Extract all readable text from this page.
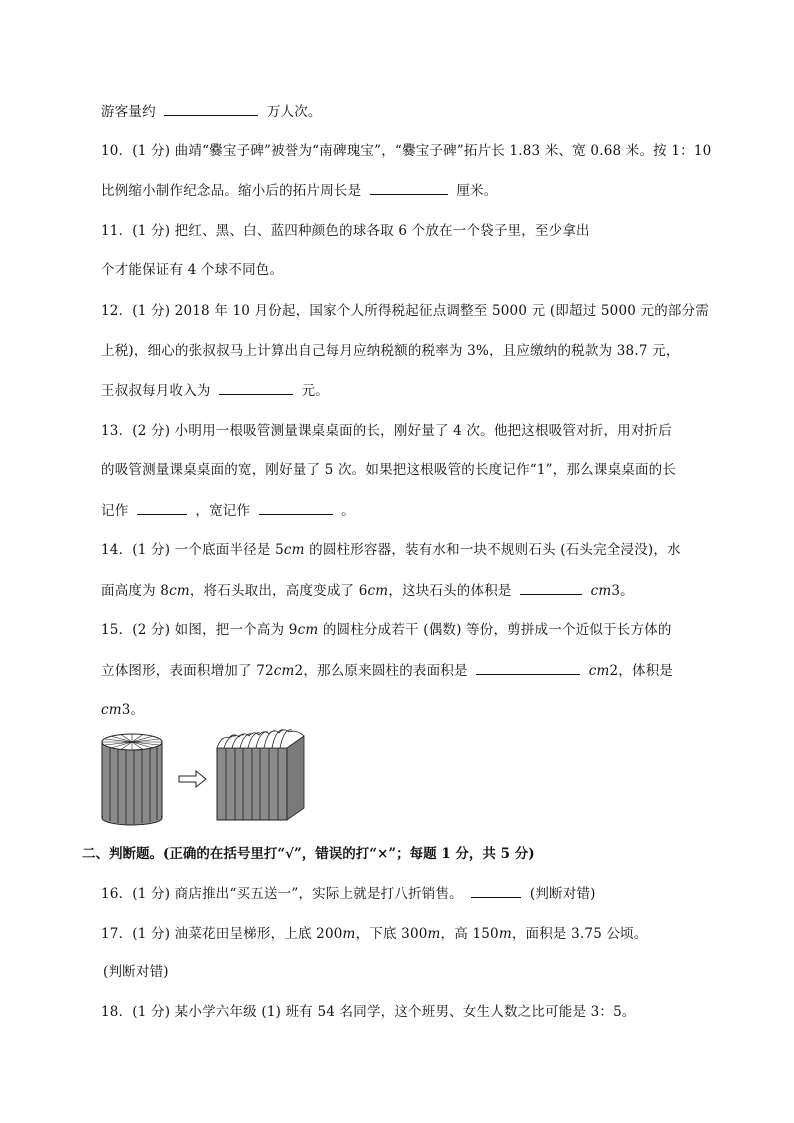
游客量约	万人次。
10．(1 分) 曲靖“爨宝子碑”被誉为“南碑瑰宝”，“爨宝子碑”拓片长 1.83 米、宽 0.68 米。按 1：10
比例缩小制作纪念品。缩小后的拓片周长是	厘米。
11．(1 分) 把红、黑、白、蓝四种颜色的球各取 6 个放在一个袋子里，至少拿出
个才能保证有 4 个球不同色。
12．(1 分) 2018 年 10 月份起，国家个人所得税起征点调整至 5000 元 (即超过 5000 元的部分需
上税)，细心的张叔叔马上计算出自己每月应纳税额的税率为 3%，且应缴纳的税款为 38.7 元，
王叔叔每月收入为	元。
13．(2 分) 小明用一根吸管测量课桌桌面的长，刚好量了 4 次。他把这根吸管对折，用对折后
的吸管测量课桌桌面的宽，刚好量了 5 次。如果把这根吸管的长度记作“1”，那么课桌桌面的长
记作	，宽记作	。
14．(1 分) 一个底面半径是 5cm 的圆柱形容器，装有水和一块不规则石头 (石头完全浸没)，水
面高度为 8cm，将石头取出，高度变成了 6cm，这块石头的体积是	cm3。
15．(2 分) 如图，把一个高为 9cm 的圆柱分成若干 (偶数) 等份，剪拼成一个近似于长方体的
立体图形，表面积增加了 72cm2，那么原来圆柱的表面积是	cm2，体积是
cm3。
二、判断题。(正确的在括号里打“√”，错误的打“×”；每题 1 分，共 5 分)
16．(1 分) 商店推出“买五送一”，实际上就是打八折销售。	(判断对错)
17．(1 分) 油菜花田呈梯形，上底 200m，下底 300m，高 150m，面积是 3.75 公顷。
(判断对错)
18．(1 分) 某小学六年级 (1) 班有 54 名同学，这个班男、女生人数之比可能是 3：5。
